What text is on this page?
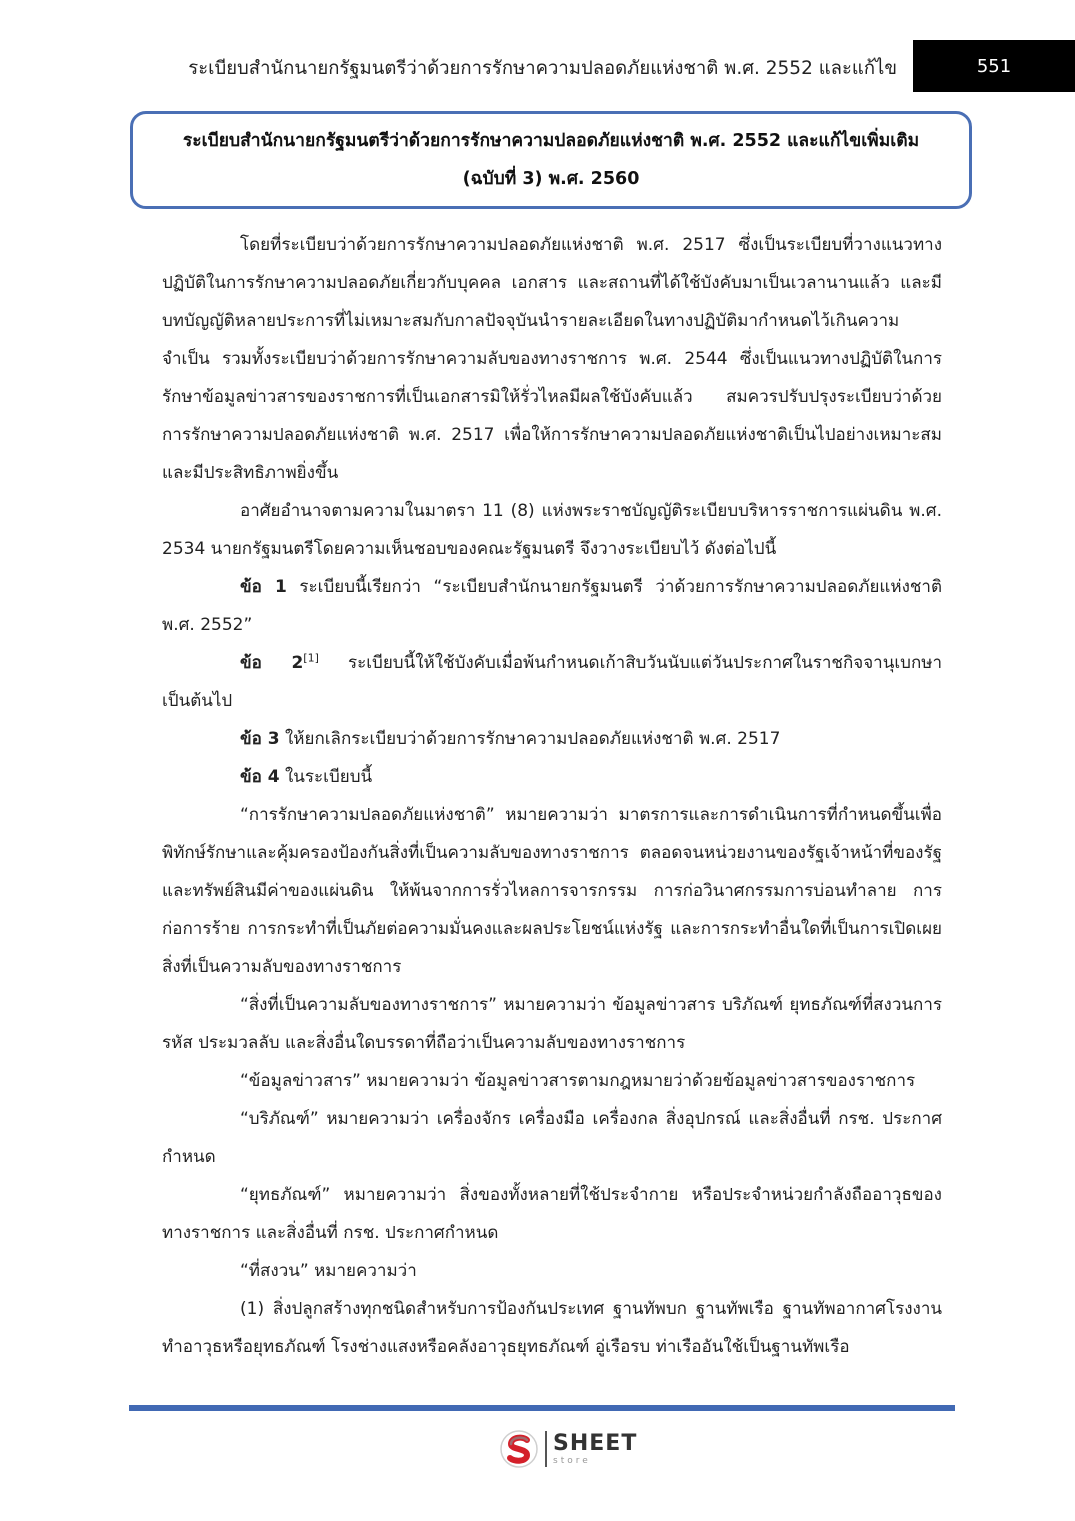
ระเบียบสำนักนายกรัฐมนตรีว่าด้วยการรักษาความปลอดภัยแห่งชาติ พ.ศ. 2552 และแก้ไข	551
ระเบียบสำนักนายกรัฐมนตรีว่าด้วยการรักษาความปลอดภัยแห่งชาติ พ.ศ. 2552 และแก้ไขเพิ่มเติม
(ฉบับที่ 3) พ.ศ. 2560

โดยที่ระเบียบว่าด้วยการรักษาความปลอดภัยแห่งชาติ พ.ศ. 2517 ซึ่งเป็นระเบียบที่วางแนวทางปฏิบัติในการรักษาความปลอดภัยเกี่ยวกับบุคคล เอกสาร และสถานที่ได้ใช้บังคับมาเป็นเวลานานแล้ว และมีบทบัญญัติหลายประการที่ไม่เหมาะสมกับกาลปัจจุบันนำรายละเอียดในทางปฏิบัติมากำหนดไว้เกินความจำเป็น รวมทั้งระเบียบว่าด้วยการรักษาความลับของทางราชการ พ.ศ. 2544 ซึ่งเป็นแนวทางปฏิบัติในการรักษาข้อมูลข่าวสารของราชการที่เป็นเอกสารมิให้รั่วไหลมีผลใช้บังคับแล้ว สมควรปรับปรุงระเบียบว่าด้วยการรักษาความปลอดภัยแห่งชาติ พ.ศ. 2517 เพื่อให้การรักษาความปลอดภัยแห่งชาติเป็นไปอย่างเหมาะสมและมีประสิทธิภาพยิ่งขึ้น

อาศัยอำนาจตามความในมาตรา 11 (8) แห่งพระราชบัญญัติระเบียบบริหารราชการแผ่นดิน พ.ศ. 2534 นายกรัฐมนตรีโดยความเห็นชอบของคณะรัฐมนตรี จึงวางระเบียบไว้ ดังต่อไปนี้

ข้อ 1 ระเบียบนี้เรียกว่า “ระเบียบสำนักนายกรัฐมนตรี ว่าด้วยการรักษาความปลอดภัยแห่งชาติ พ.ศ. 2552”

ข้อ 2[1] ระเบียบนี้ให้ใช้บังคับเมื่อพ้นกำหนดเก้าสิบวันนับแต่วันประกาศในราชกิจจานุเบกษาเป็นต้นไป

ข้อ 3 ให้ยกเลิกระเบียบว่าด้วยการรักษาความปลอดภัยแห่งชาติ พ.ศ. 2517

ข้อ 4 ในระเบียบนี้

“การรักษาความปลอดภัยแห่งชาติ” หมายความว่า มาตรการและการดำเนินการที่กำหนดขึ้นเพื่อพิทักษ์รักษาและคุ้มครองป้องกันสิ่งที่เป็นความลับของทางราชการ ตลอดจนหน่วยงานของรัฐเจ้าหน้าที่ของรัฐ และทรัพย์สินมีค่าของแผ่นดิน ให้พ้นจากการรั่วไหลการจารกรรม การก่อวินาศกรรมการบ่อนทำลาย การก่อการร้าย การกระทำที่เป็นภัยต่อความมั่นคงและผลประโยชน์แห่งรัฐ และการกระทำอื่นใดที่เป็นการเปิดเผยสิ่งที่เป็นความลับของทางราชการ

“สิ่งที่เป็นความลับของทางราชการ” หมายความว่า ข้อมูลข่าวสาร บริภัณฑ์ ยุทธภัณฑ์ที่สงวนการรหัส ประมวลลับ และสิ่งอื่นใดบรรดาที่ถือว่าเป็นความลับของทางราชการ

“ข้อมูลข่าวสาร” หมายความว่า ข้อมูลข่าวสารตามกฎหมายว่าด้วยข้อมูลข่าวสารของราชการ

“บริภัณฑ์” หมายความว่า เครื่องจักร เครื่องมือ เครื่องกล สิ่งอุปกรณ์ และสิ่งอื่นที่ กรช. ประกาศกำหนด

“ยุทธภัณฑ์” หมายความว่า สิ่งของทั้งหลายที่ใช้ประจำกาย หรือประจำหน่วยกำลังถืออาวุธของทางราชการ และสิ่งอื่นที่ กรช. ประกาศกำหนด

“ที่สงวน” หมายความว่า

(1) สิ่งปลูกสร้างทุกชนิดสำหรับการป้องกันประเทศ ฐานทัพบก ฐานทัพเรือ ฐานทัพอากาศโรงงานทำอาวุธหรือยุทธภัณฑ์ โรงช่างแสงหรือคลังอาวุธยุทธภัณฑ์ อู่เรือรบ ท่าเรืออันใช้เป็นฐานทัพเรือ

SHEET
store
